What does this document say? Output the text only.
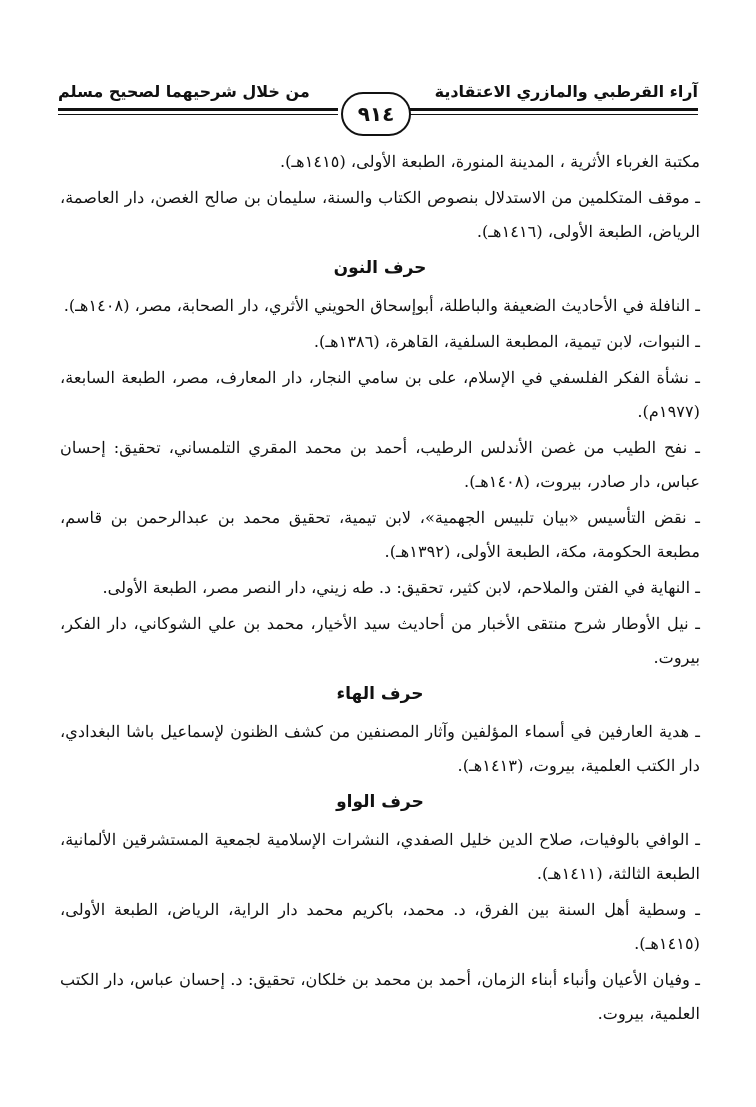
آراء القرطبي والمازري الاعتقادية
من خلال شرحيهما لصحيح مسلم
٩١٤

مكتبة الغرباء الأثرية ، المدينة المنورة، الطبعة الأولى، (١٤١٥هـ).

ـ موقف المتكلمين من الاستدلال بنصوص الكتاب والسنة، سليمان بن صالح الغصن، دار العاصمة، الرياض، الطبعة الأولى، (١٤١٦هـ).

حرف النون

ـ النافلة في الأحاديث الضعيفة والباطلة، أبوإسحاق الحويني الأثري، دار الصحابة، مصر، (١٤٠٨هـ).

ـ النبوات، لابن تيمية، المطبعة السلفية، القاهرة، (١٣٨٦هـ).

ـ نشأة الفكر الفلسفي في الإسلام، على بن سامي النجار، دار المعارف، مصر، الطبعة السابعة، (١٩٧٧م).

ـ نفح الطيب من غصن الأندلس الرطيب، أحمد بن محمد المقري التلمساني، تحقيق: إحسان عباس، دار صادر، بيروت، (١٤٠٨هـ).

ـ نقض التأسيس «بيان تلبيس الجهمية»، لابن تيمية، تحقيق محمد بن عبدالرحمن بن قاسم، مطبعة الحكومة، مكة، الطبعة الأولى، (١٣٩٢هـ).

ـ النهاية في الفتن والملاحم، لابن كثير، تحقيق: د. طه زيني، دار النصر مصر، الطبعة الأولى.

ـ نيل الأوطار شرح منتقى الأخبار من أحاديث سيد الأخيار، محمد بن علي الشوكاني، دار الفكر، بيروت.

حرف الهاء

ـ هدية العارفين في أسماء المؤلفين وآثار المصنفين من كشف الظنون لإسماعيل باشا البغدادي، دار الكتب العلمية، بيروت، (١٤١٣هـ).

حرف الواو

ـ الوافي بالوفيات، صلاح الدين خليل الصفدي، النشرات الإسلامية لجمعية المستشرقين الألمانية، الطبعة الثالثة، (١٤١١هـ).

ـ وسطية أهل السنة بين الفرق، د. محمد، باكريم محمد دار الراية، الرياض، الطبعة الأولى، (١٤١٥هـ).

ـ وفيان الأعيان وأنباء أبناء الزمان، أحمد بن محمد بن خلكان، تحقيق: د. إحسان عباس، دار الكتب العلمية، بيروت.
